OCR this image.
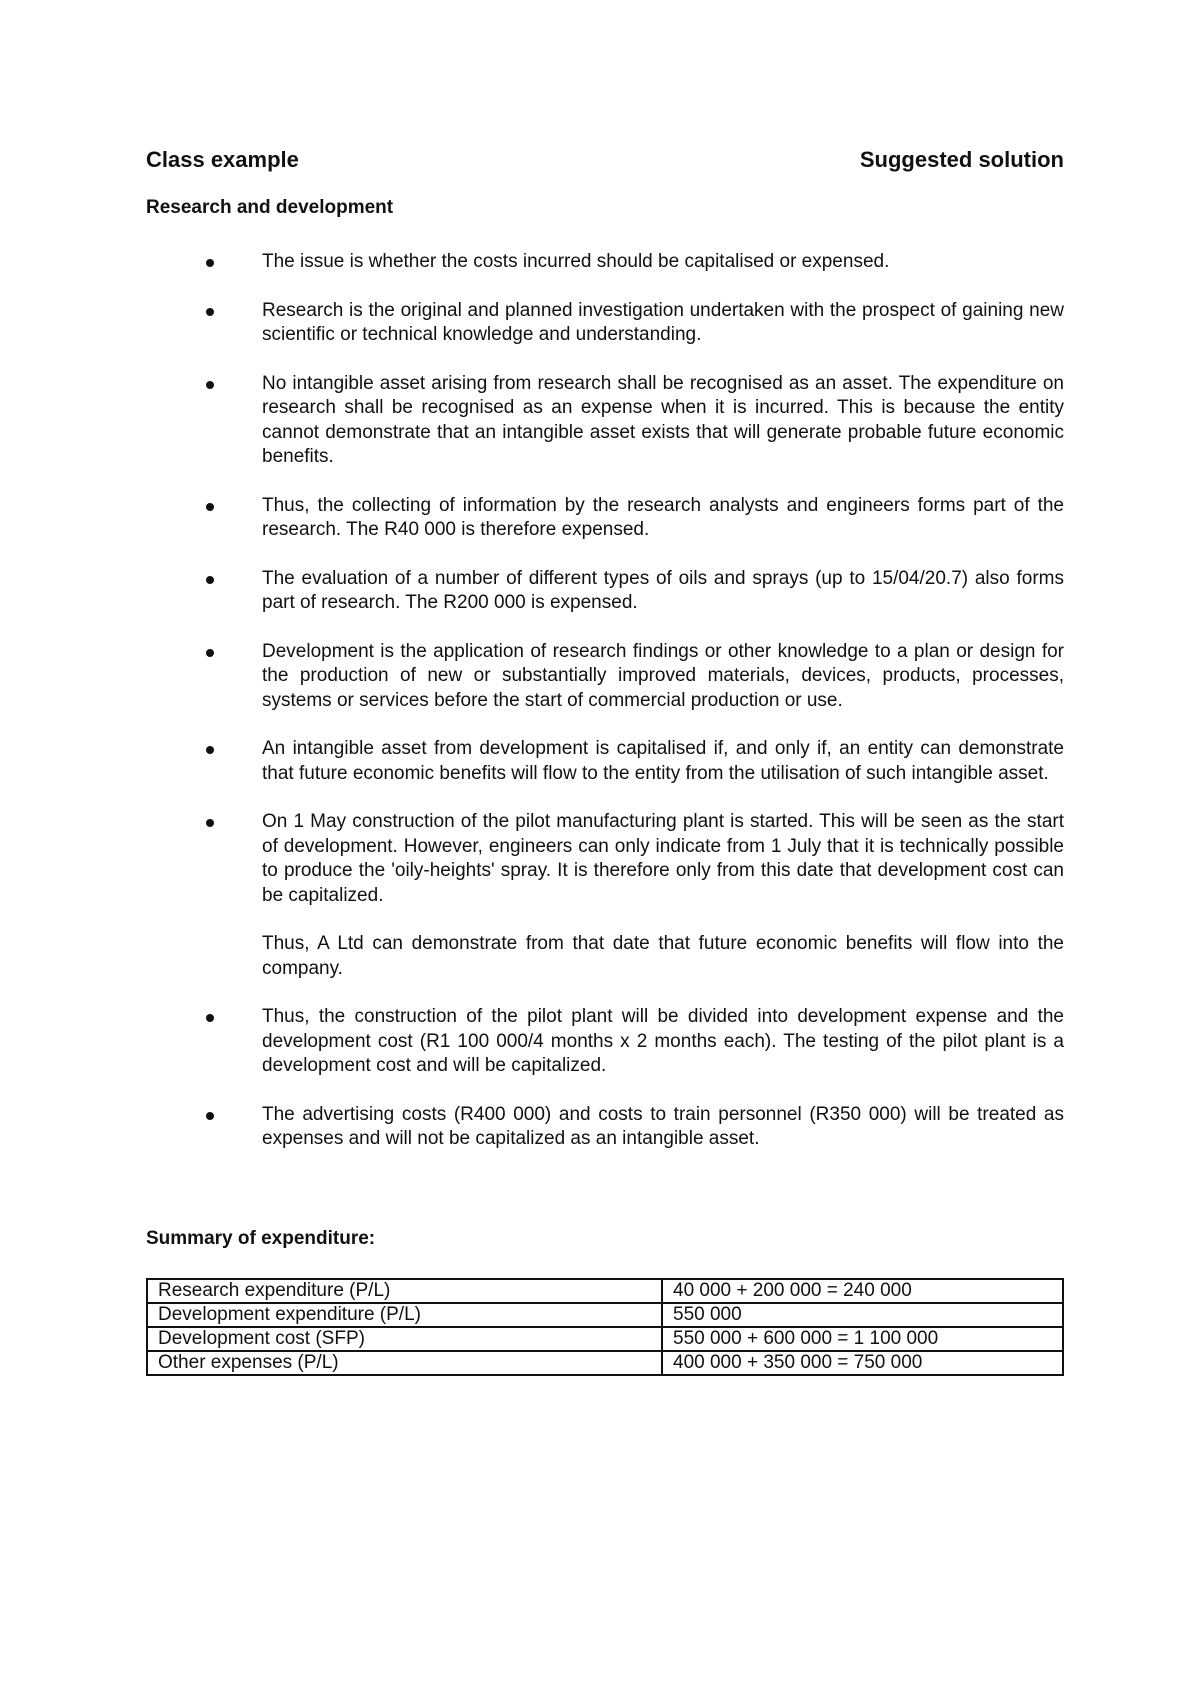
Class example	Suggested solution
Research and development

The issue is whether the costs incurred should be capitalised or expensed.

Research is the original and planned investigation undertaken with the prospect of gaining new scientific or technical knowledge and understanding.

No intangible asset arising from research shall be recognised as an asset. The expenditure on research shall be recognised as an expense when it is incurred. This is because the entity cannot demonstrate that an intangible asset exists that will generate probable future economic benefits.

Thus, the collecting of information by the research analysts and engineers forms part of the research. The R40 000 is therefore expensed.

The evaluation of a number of different types of oils and sprays (up to 15/04/20.7) also forms part of research. The R200 000 is expensed.

Development is the application of research findings or other knowledge to a plan or design for the production of new or substantially improved materials, devices, products, processes, systems or services before the start of commercial production or use.

An intangible asset from development is capitalised if, and only if, an entity can demonstrate that future economic benefits will flow to the entity from the utilisation of such intangible asset.

On 1 May construction of the pilot manufacturing plant is started. This will be seen as the start of development. However, engineers can only indicate from 1 July that it is technically possible to produce the 'oily-heights' spray. It is therefore only from this date that development cost can be capitalized.

Thus, A Ltd can demonstrate from that date that future economic benefits will flow into the company.

Thus, the construction of the pilot plant will be divided into development expense and the development cost (R1 100 000/4 months x 2 months each). The testing of the pilot plant is a development cost and will be capitalized.

The advertising costs (R400 000) and costs to train personnel (R350 000) will be treated as expenses and will not be capitalized as an intangible asset.

Summary of expenditure:
Research expenditure (P/L)	40 000 + 200 000 = 240 000
Development expenditure (P/L)	550 000
Development cost (SFP)	550 000 + 600 000 = 1 100 000
Other expenses (P/L)	400 000 + 350 000 = 750 000
